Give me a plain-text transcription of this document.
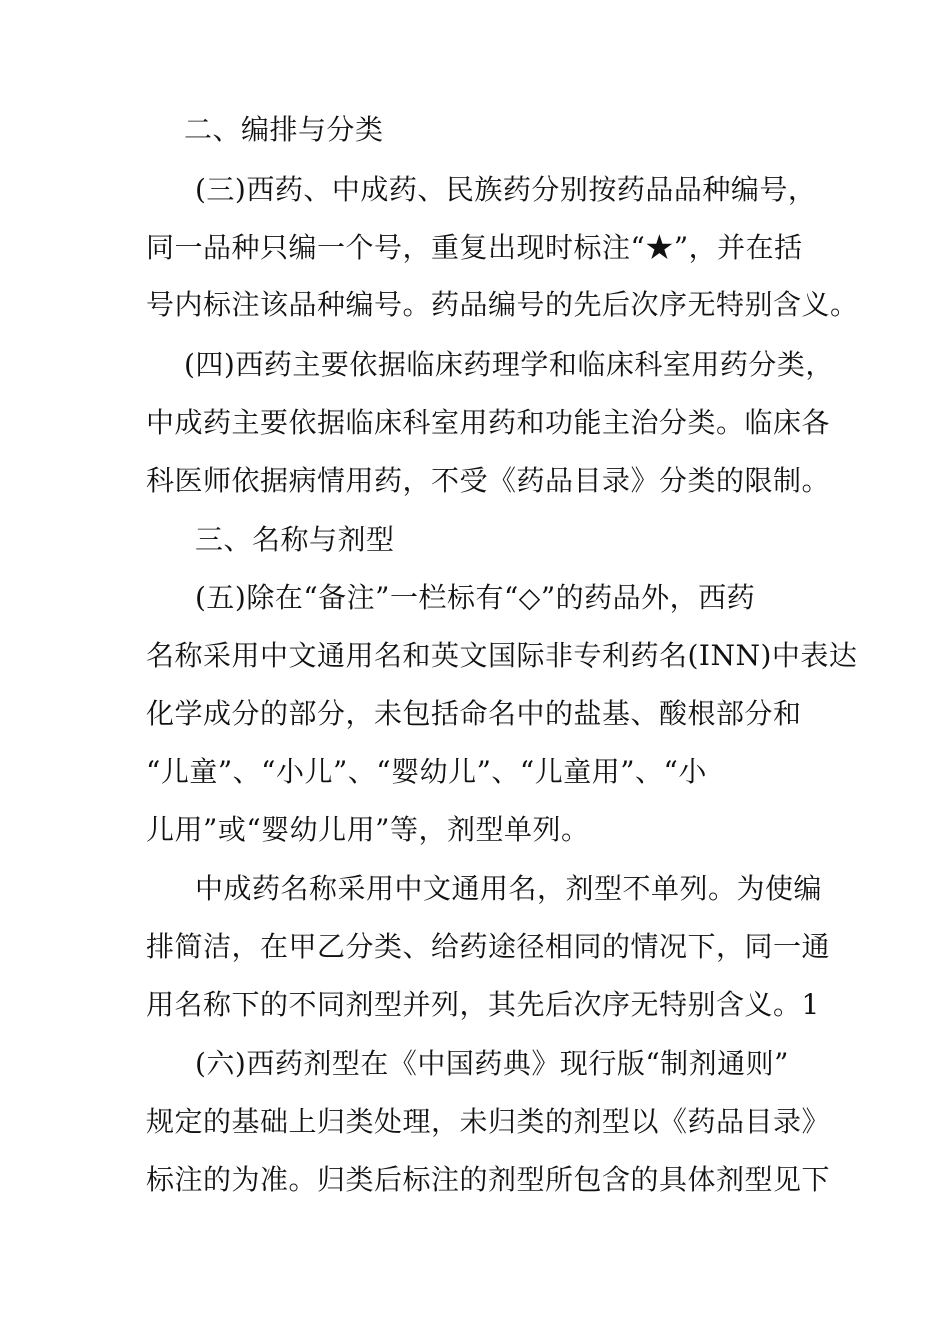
二、编排与分类
(三)西药、中成药、民族药分别按药品品种编号，
同一品种只编一个号，重复出现时标注“★”，并在括
号内标注该品种编号。药品编号的先后次序无特别含义。
(四)西药主要依据临床药理学和临床科室用药分类，
中成药主要依据临床科室用药和功能主治分类。临床各
科医师依据病情用药，不受《药品目录》分类的限制。
三、名称与剂型
(五)除在“备注”一栏标有“◇”的药品外，西药
名称采用中文通用名和英文国际非专利药名(INN)中表达
化学成分的部分，未包括命名中的盐基、酸根部分和
“儿童”、“小儿”、“婴幼儿”、“儿童用”、“小
儿用”或“婴幼儿用”等，剂型单列。
中成药名称采用中文通用名，剂型不单列。为使编
排简洁，在甲乙分类、给药途径相同的情况下，同一通
用名称下的不同剂型并列，其先后次序无特别含义。1
(六)西药剂型在《中国药典》现行版“制剂通则”
规定的基础上归类处理，未归类的剂型以《药品目录》
标注的为准。归类后标注的剂型所包含的具体剂型见下
